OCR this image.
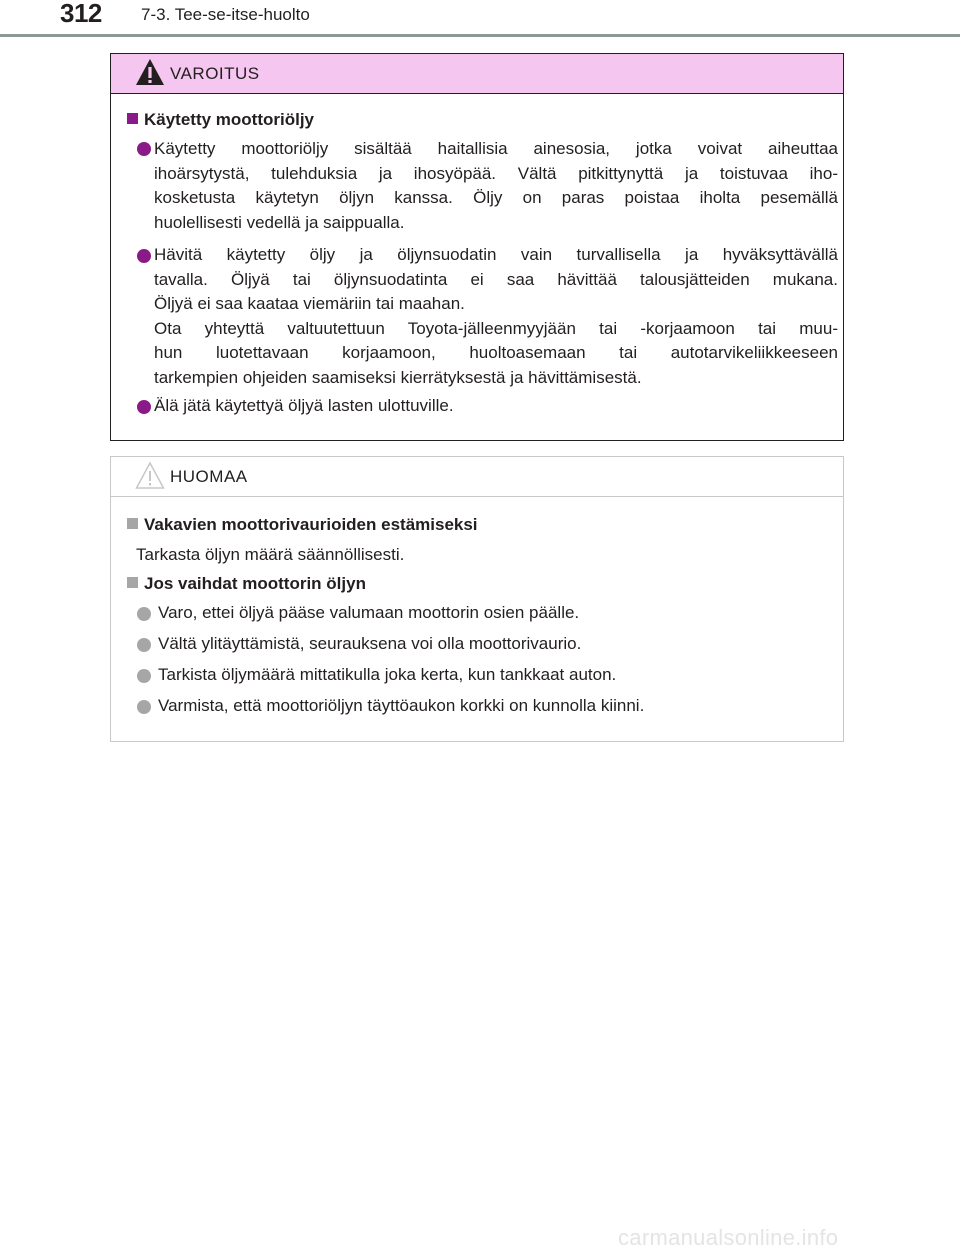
312 7-3. Tee-se-itse-huolto
VAROITUS
Käytetty moottoriöljy
Käytetty moottoriöljy sisältää haitallisia ainesosia, jotka voivat aiheuttaa
ihoärsytystä, tulehduksia ja ihosyöpää. Vältä pitkittynyttä ja toistuvaa iho-
kosketusta käytetyn öljyn kanssa. Öljy on paras poistaa iholta pesemällä
huolellisesti vedellä ja saippualla.
Hävitä käytetty öljy ja öljynsuodatin vain turvallisella ja hyväksyttävällä
tavalla. Öljyä tai öljynsuodatinta ei saa hävittää talousjätteiden mukana.
Öljyä ei saa kaataa viemäriin tai maahan.
Ota yhteyttä valtuutettuun Toyota-jälleenmyyjään tai -korjaamoon tai muu-
hun luotettavaan korjaamoon, huoltoasemaan tai autotarvikeliikkeeseen
tarkempien ohjeiden saamiseksi kierrätyksestä ja hävittämisestä.
Älä jätä käytettyä öljyä lasten ulottuville.
HUOMAA
Vakavien moottorivaurioiden estämiseksi
Tarkasta öljyn määrä säännöllisesti.
Jos vaihdat moottorin öljyn
Varo, ettei öljyä pääse valumaan moottorin osien päälle.
Vältä ylitäyttämistä, seurauksena voi olla moottorivaurio.
Tarkista öljymäärä mittatikulla joka kerta, kun tankkaat auton.
Varmista, että moottoriöljyn täyttöaukon korkki on kunnolla kiinni.
carmanualsonline.info
